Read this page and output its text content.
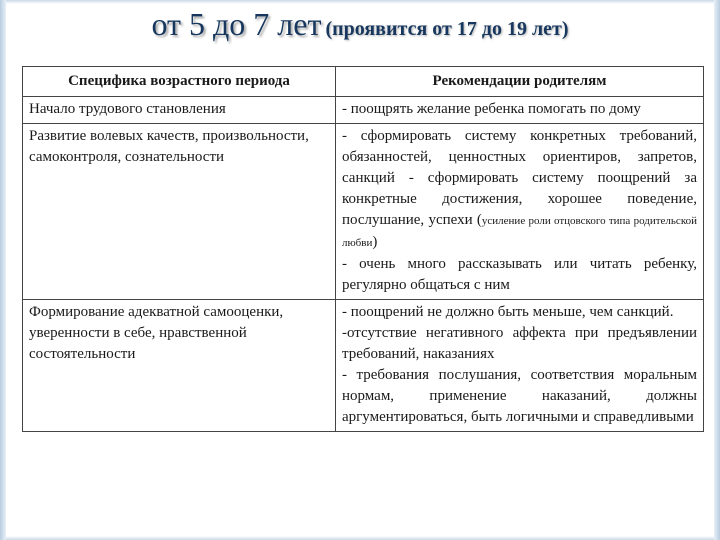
от 5 до 7 лет (проявится от 17 до 19 лет)
Специфика возрастного периода	Рекомендации родителям
Начало трудового становления	- поощрять желание ребенка помогать по дому
Развитие волевых качеств, произвольности, самоконтроля, сознательности	- сформировать систему конкретных требований, обязанностей, ценностных ориентиров, запретов, санкций - сформировать систему поощрений за конкретные достижения, хорошее поведение, послушание, успехи (усиление роли отцовского типа родительской любви)
- очень много рассказывать или читать ребенку, регулярно общаться с ним
Формирование адекватной самооценки, уверенности в себе, нравственной состоятельности	- поощрений не должно быть меньше, чем санкций.
-отсутствие негативного аффекта при предъявлении требований, наказаниях
- требования послушания, соответствия моральным нормам, применение наказаний, должны аргументироваться, быть логичными и справедливыми
